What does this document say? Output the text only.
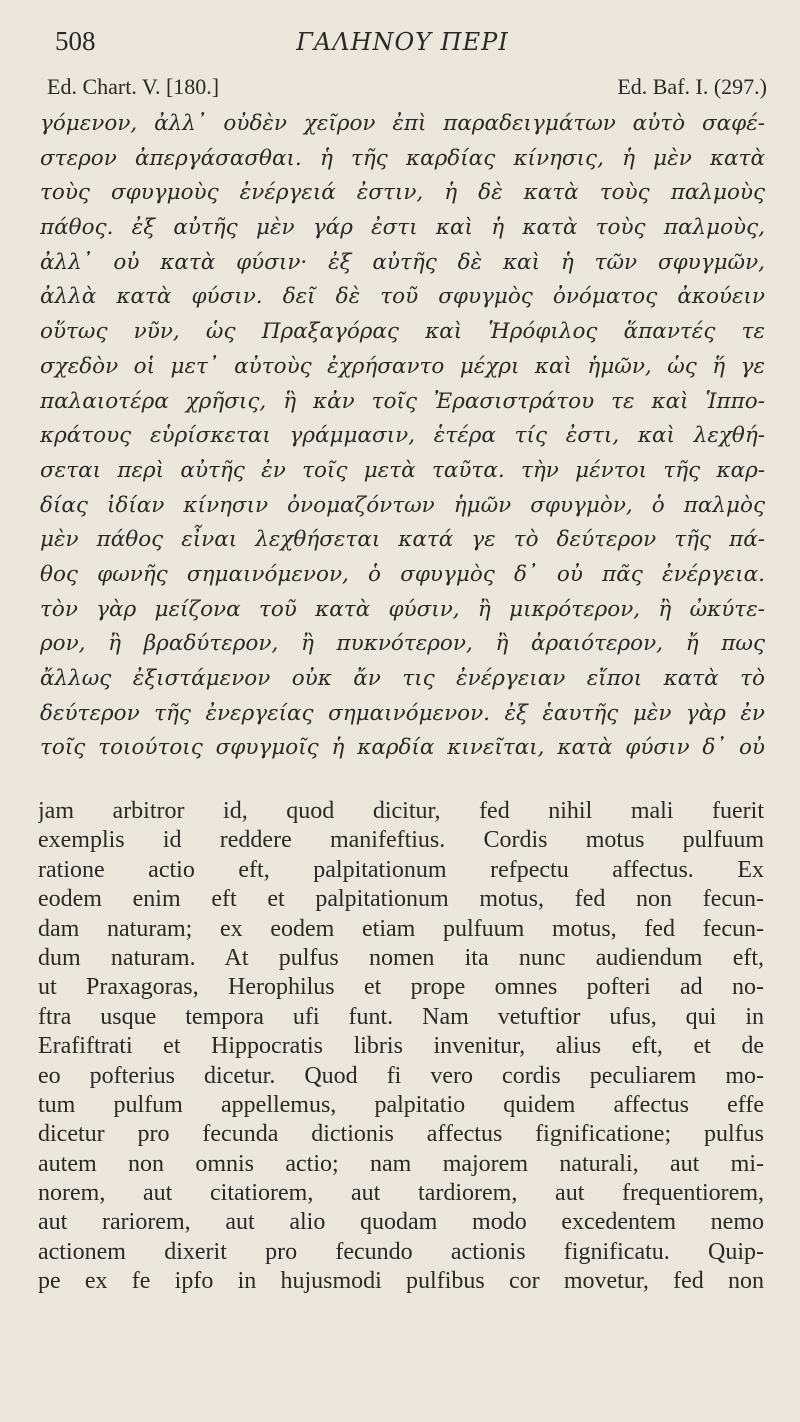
508	ΓΑΛΗΝΟΥ ΠΕΡΙ
Ed. Chart. V. [180.]	Ed. Baf. I. (297.)
γόμενον, ἀλλ᾽ οὐδὲν χεῖρον ἐπὶ παραδειγμάτων αὐτὸ σαφέ-
στερον ἀπεργάσασθαι. ἡ τῆς καρδίας κίνησις, ἡ μὲν κατὰ
τοὺς σφυγμοὺς ἐνέργειά ἐστιν, ἡ δὲ κατὰ τοὺς παλμοὺς
πάθος. ἐξ αὐτῆς μὲν γάρ ἐστι καὶ ἡ κατὰ τοὺς παλμοὺς,
ἀλλ᾽ οὐ κατὰ φύσιν· ἐξ αὐτῆς δὲ καὶ ἡ τῶν σφυγμῶν,
ἀλλὰ κατὰ φύσιν. δεῖ δὲ τοῦ σφυγμὸς ὀνόματος ἀκούειν
οὕτως νῦν, ὡς Πραξαγόρας καὶ Ἡρόφιλος ἅπαντές τε
σχεδὸν οἱ μετ᾽ αὐτοὺς ἐχρήσαντο μέχρι καὶ ἡμῶν, ὡς ἥ γε
παλαιοτέρα χρῆσις, ἣ κἀν τοῖς Ἐρασιστράτου τε καὶ Ἱππο-
κράτους εὑρίσκεται γράμμασιν, ἑτέρα τίς ἐστι, καὶ λεχθή-
σεται περὶ αὐτῆς ἐν τοῖς μετὰ ταῦτα. τὴν μέντοι τῆς καρ-
δίας ἰδίαν κίνησιν ὀνομαζόντων ἡμῶν σφυγμὸν, ὁ παλμὸς
μὲν πάθος εἶναι λεχθήσεται κατά γε τὸ δεύτερον τῆς πά-
θος φωνῆς σημαινόμενον, ὁ σφυγμὸς δ᾽ οὐ πᾶς ἐνέργεια.
τὸν γὰρ μείζονα τοῦ κατὰ φύσιν, ἢ μικρότερον, ἢ ὠκύτε-
ρον, ἢ βραδύτερον, ἢ πυκνότερον, ἢ ἀραιότερον, ἤ πως
ἄλλως ἐξιστάμενον οὐκ ἄν τις ἐνέργειαν εἴποι κατὰ τὸ
δεύτερον τῆς ἐνεργείας σημαινόμενον. ἐξ ἑαυτῆς μὲν γὰρ ἐν
τοῖς τοιούτοις σφυγμοῖς ἡ καρδία κινεῖται, κατὰ φύσιν δ᾽ οὐ
jam arbitror id, quod dicitur, fed nihil mali fuerit
exemplis id reddere manifeftius. Cordis motus pulfuum
ratione actio eft, palpitationum refpectu affectus. Ex
eodem enim eft et palpitationum motus, fed non fecun-
dam naturam; ex eodem etiam pulfuum motus, fed fecun-
dum naturam. At pulfus nomen ita nunc audiendum eft,
ut Praxagoras, Herophilus et prope omnes pofteri ad no-
ftra usque tempora ufi funt. Nam vetuftior ufus, qui in
Erafiftrati et Hippocratis libris invenitur, alius eft, et de
eo pofterius dicetur. Quod fi vero cordis peculiarem mo-
tum pulfum appellemus, palpitatio quidem affectus effe
dicetur pro fecunda dictionis affectus fignificatione; pulfus
autem non omnis actio; nam majorem naturali, aut mi-
norem, aut citatiorem, aut tardiorem, aut frequentiorem,
aut rariorem, aut alio quodam modo excedentem nemo
actionem dixerit pro fecundo actionis fignificatu. Quip-
pe ex fe ipfo in hujusmodi pulfibus cor movetur, fed non
